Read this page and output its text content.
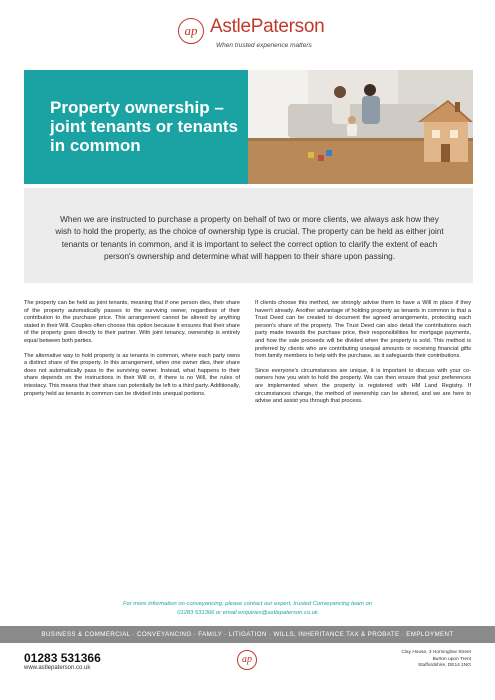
ap AstlePaterson
When trusted experience matters
Property ownership – joint tenants or tenants in common
When we are instructed to purchase a property on behalf of two or more clients, we always ask how they wish to hold the property, as the choice of ownership type is crucial. The property can be held as either joint tenants or tenants in common, and it is important to select the correct option to clarify the extent of each person's ownership and determine what will happen to their share upon passing.

The property can be held as joint tenants, meaning that if one person dies, their share of the property automatically passes to the surviving owner, regardless of their contribution to the purchase price. This arrangement cannot be altered by anything stated in their Will. Couples often choose this option because it ensures that their share of the property goes directly to their partner. With joint tenancy, ownership is entirely equal between both parties.

The alternative way to hold property is as tenants in common, where each party owns a distinct share of the property. In this arrangement, when one owner dies, their share does not automatically pass to the surviving owner. Instead, what happens to their share depends on the instructions in their Will or, if there is no Will, the rules of intestacy. This means that their share can potentially be left to a third party. Additionally, property held as tenants in common can be divided into unequal portions.

If clients choose this method, we strongly advise them to have a Will in place if they haven't already. Another advantage of holding property as tenants in common is that a Trust Deed can be created to document the agreed arrangements, protecting each person's share of the property. The Trust Deed can also detail the contributions each party made towards the purchase price, their responsibilities for mortgage payments, and how the sale proceeds will be divided when the property is sold. This method is preferred by clients who are contributing unequal amounts or receiving financial gifts from family members to help with the purchase, as it safeguards their contributions.

Since everyone's circumstances are unique, it is important to discuss with your co-owners how you wish to hold the property. We can then ensure that your preferences are implemented when the property is registered with HM Land Registry. If circumstances change, the method of ownership can be altered, and we are here to advise and assist you through that process.

For more information on conveyancing, please contact our expert, trusted Conveyancing team on
01283 531366 or email enquiries@astlepaterson.co.uk
BUSINESS & COMMERCIAL · CONVEYANCING · FAMILY · LITIGATION · WILLS, INHERITANCE TAX & PROBATE · EMPLOYMENT
01283 531366
www.astlepaterson.co.uk
ap
Clay House, 3 Horninglow Street
Burton upon Trent
Staffordshire, DE14 1NG
